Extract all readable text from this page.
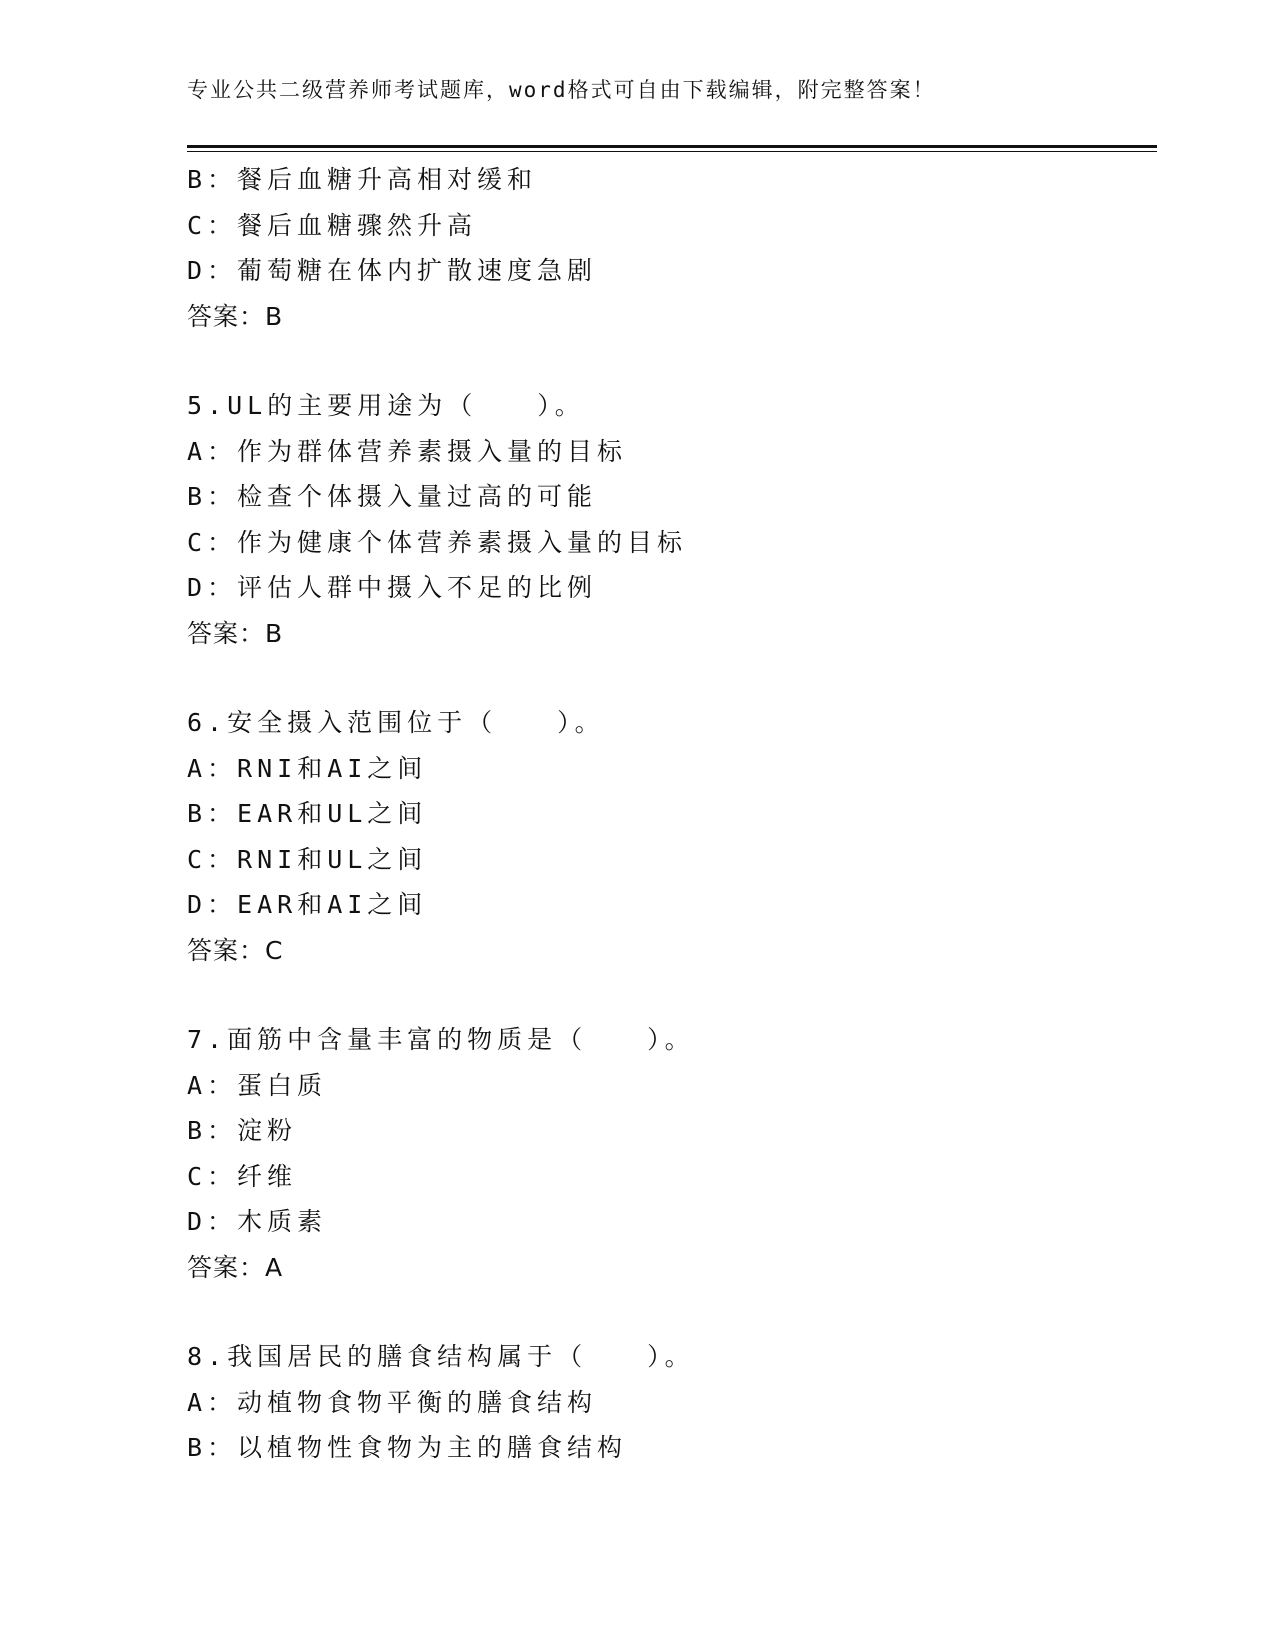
专业公共二级营养师考试题库，word格式可自由下载编辑，附完整答案！
B：餐后血糖升高相对缓和
C：餐后血糖骤然升高
D：葡萄糖在体内扩散速度急剧
答案：B
5.UL的主要用途为（　　）。
A：作为群体营养素摄入量的目标
B：检查个体摄入量过高的可能
C：作为健康个体营养素摄入量的目标
D：评估人群中摄入不足的比例
答案：B
6.安全摄入范围位于（　　）。
A：RNI和AI之间
B：EAR和UL之间
C：RNI和UL之间
D：EAR和AI之间
答案：C
7.面筋中含量丰富的物质是（　　）。
A：蛋白质
B：淀粉
C：纤维
D：木质素
答案：A
8.我国居民的膳食结构属于（　　）。
A：动植物食物平衡的膳食结构
B：以植物性食物为主的膳食结构
